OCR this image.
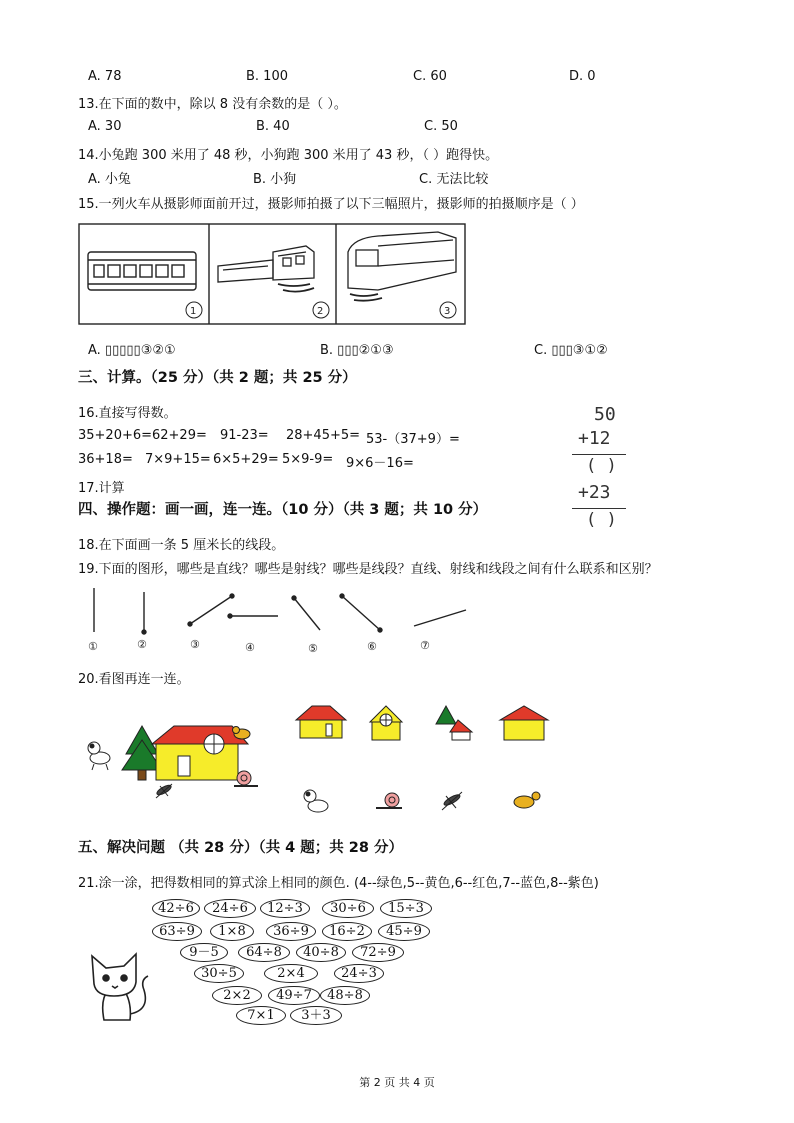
A. 78	B. 100	C. 60	D. 0
13.在下面的数中，除以 8 没有余数的是（ ）。
A. 30	B. 40	C. 50
14.小兔跑 300 米用了 48 秒，小狗跑 300 米用了 43 秒，（ ）跑得快。
A. 小兔	B. 小狗	C. 无法比较
15.一列火车从摄影师面前开过，摄影师拍摄了以下三幅照片，摄影师的拍摄顺序是（ ）
1	2	3
A. ▯▯▯▯▯③②①	B. ▯▯▯②①③	C. ▯▯▯③①②
三、计算。（25 分）（共 2 题；共 25 分）
16.直接写得数。
35+20+6= 62+29= 91-23= 28+45+5= 53-（37+9）=
36+18= 7×9+15= 6×5+29= 5×9-9= 9×6－16=
50
+12
( )
+23
( )
17.计算
四、操作题：画一画，连一连。（10 分）（共 3 题；共 10 分）
18.在下面画一条 5 厘米长的线段。
19.下面的图形，哪些是直线？哪些是射线？哪些是线段？直线、射线和线段之间有什么联系和区别？
①	②	③	④	⑤	⑥	⑦
20.看图再连一连。
五、解决问题 （共 28 分）（共 4 题；共 28 分）
21.涂一涂，把得数相同的算式涂上相同的颜色. (4--绿色,5--黄色,6--红色,7--蓝色,8--紫色)
42÷6	24÷6	12÷3	30÷6	15÷3
63÷9	1×8	36÷9	16÷2	45÷9
9－5	64÷8	40÷8	72÷9
30÷5	2×4	24÷3
2×2	49÷7	48÷8
7×1	3＋3
第 2 页 共 4 页
